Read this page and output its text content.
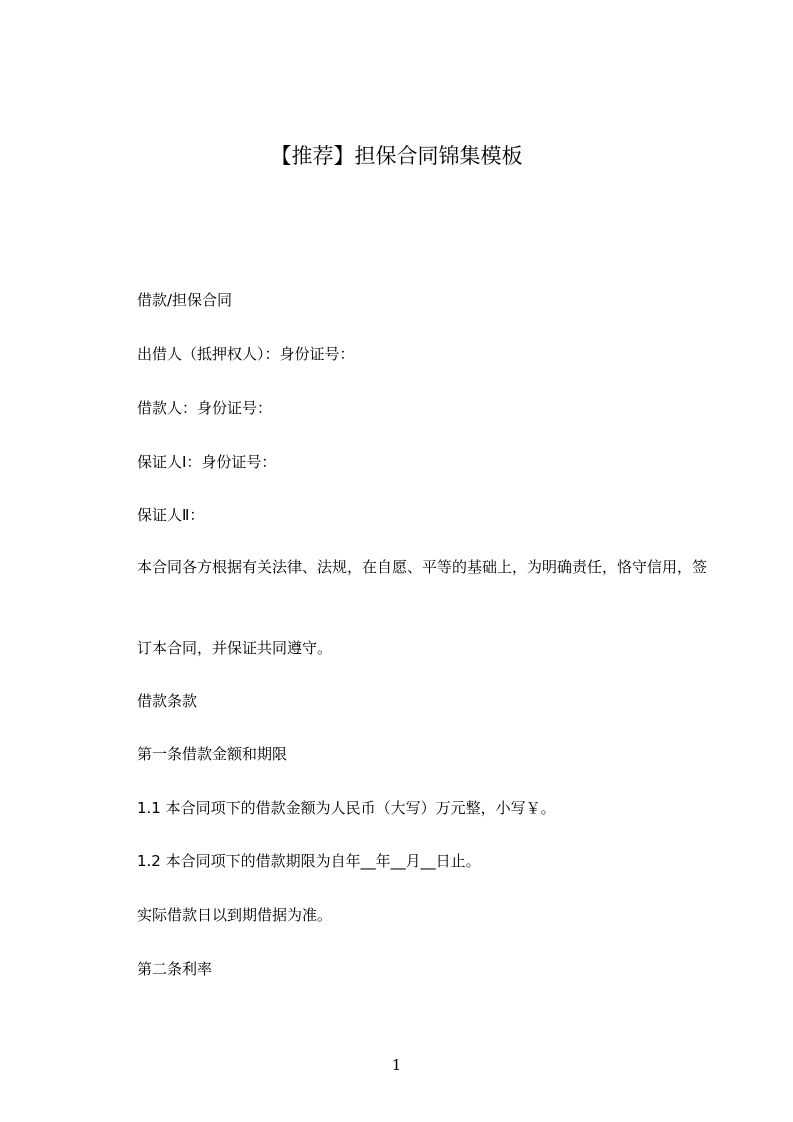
【推荐】担保合同锦集模板

借款/担保合同

出借人（抵押权人）：身份证号：

借款人：身份证号：

保证人Ⅰ：身份证号：

保证人Ⅱ：

本合同各方根据有关法律、法规，在自愿、平等的基础上，为明确责任，恪守信用，签

订本合同，并保证共同遵守。

借款条款

第一条借款金额和期限

1.1 本合同项下的借款金额为人民币（大写）万元整，小写￥。

1.2 本合同项下的借款期限为自年__年__月__日止。

实际借款日以到期借据为准。

第二条利率

1
